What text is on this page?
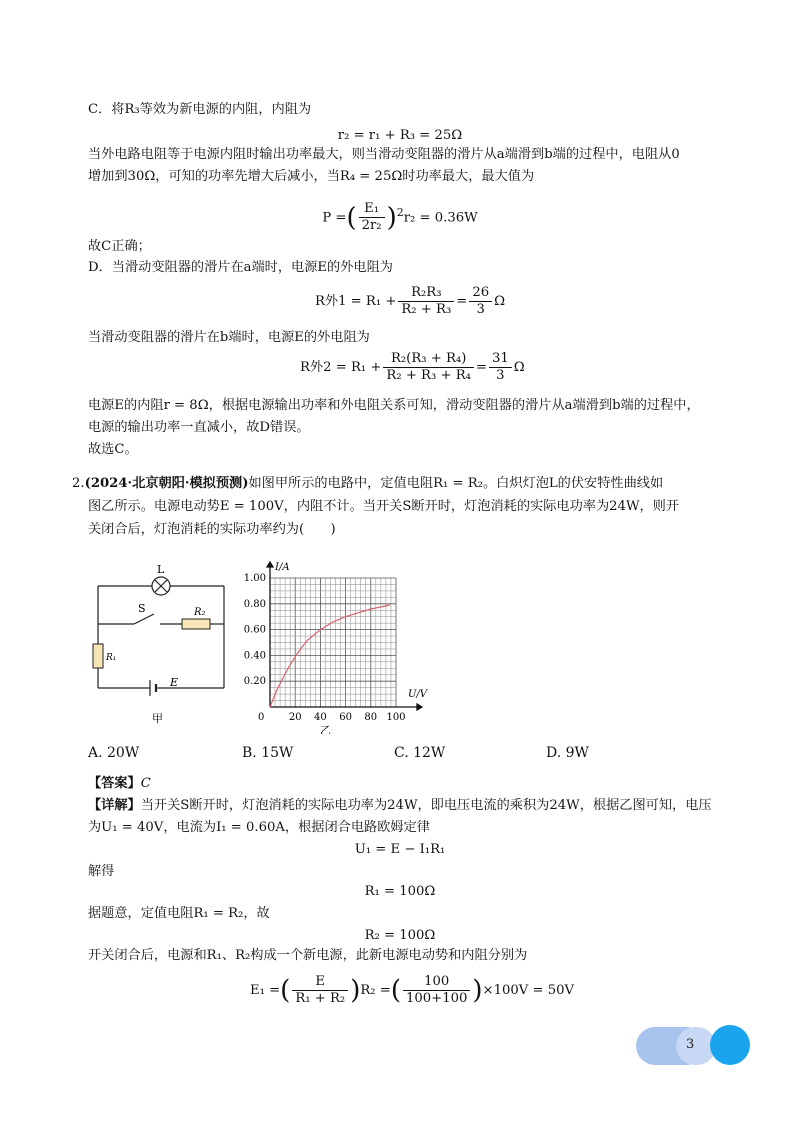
C．将R₃等效为新电源的内阻，内阻为
r₂ = r₁ + R₃ = 25Ω
当外电路电阻等于电源内阻时输出功率最大，则当滑动变阻器的滑片从a端滑到b端的过程中，电阻从0
增加到30Ω，可知的功率先增大后减小，当R₄ = 25Ω时功率最大，最大值为
P =( $\frac{\text{E₁}}{\text{2r₂}} )^2r_2 = 0.36W$
故C正确；
D．当滑动变阻器的滑片在a端时，电源E的外电阻为
R外$1 = R_1 + \frac{\text{R₂R₃}}{\text{R₂ + R₃}} = \frac{26}{3}$ Ω
当滑动变阻器的滑片在b端时，电源E的外电阻为
R外$2 = R_1 + \frac{\text{R₂(R₃ + R₄)}}{\text{R₂ + R₃ + R₄}} = \frac{31}{3}$ Ω
电源E的内阻r = 8Ω，根据电源输出功率和外电阻关系可知，滑动变阻器的滑片从a端滑到b端的过程中，
电源的输出功率一直减小，故D错误。
故选C。
2.(2024·北京朝阳·模拟预测)如图甲所示的电路中，定值电阻R₁ = R₂。白炽灯泡L的伏安特性曲线如
图乙所示。电源电动势E = 100V，内阻不计。当开关S断开时，灯泡消耗的实际电功率为24W，则开
关闭合后，灯泡消耗的实际功率约为(　　)
L
S	R₂
R₁
E
甲	20 40 60 80 100
0.20
0.40
0.60
0.80
1.00
I/A
U/V
0
乙
A. 20W	B. 15W	C. 12W	D. 9W
【答案】C
【详解】当开关S断开时，灯泡消耗的实际电功率为24W，即电压电流的乘积为24W，根据乙图可知，电压
为U₁ = 40V，电流为I₁ = 0.60A，根据闭合电路欧姆定律
U₁ = E − I₁R₁
解得
R₁ = 100Ω
据题意，定值电阻R₁ = R₂，故
R₂ = 100Ω
开关闭合后，电源和R₁、R₂构成一个新电源，此新电源电动势和内阻分别为
E₁ =( $\frac{E}{\text{R₁ + R₂}} )R_2$ =( $\frac{100}{100+100} )\times 100V = 50V$
3
